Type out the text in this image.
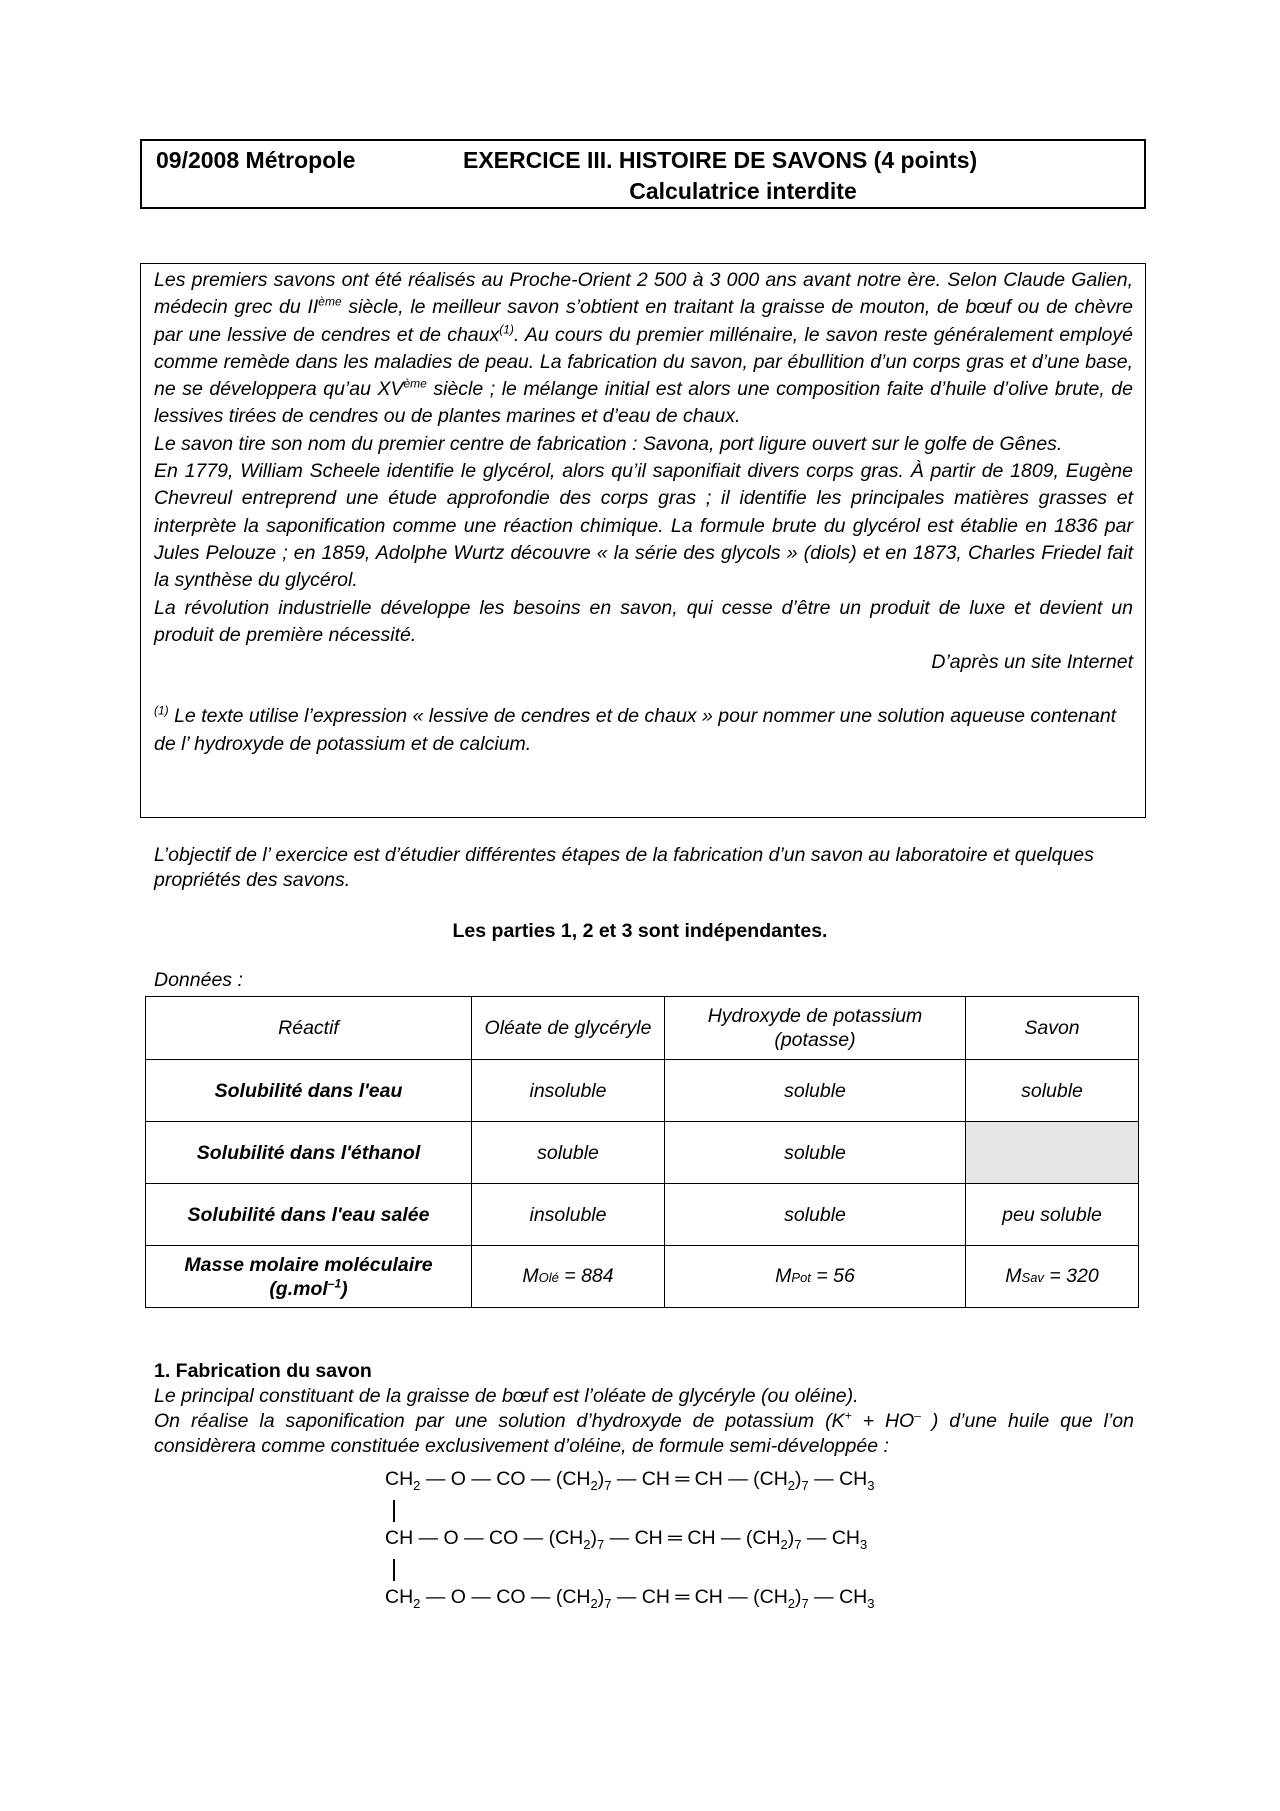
09/2008 Métropole	EXERCICE III. HISTOIRE DE SAVONS (4 points)
Calculatrice interdite

Les premiers savons ont été réalisés au Proche-Orient 2 500 à 3 000 ans avant notre ère. Selon Claude Galien, médecin grec du IIème siècle, le meilleur savon s’obtient en traitant la graisse de mouton, de bœuf ou de chèvre par une lessive de cendres et de chaux$^{(1)}$. Au cours du premier millénaire, le savon reste généralement employé comme remède dans les maladies de peau. La fabrication du savon, par ébullition d’un corps gras et d’une base, ne se développera qu’au XVème siècle ; le mélange initial est alors une composition faite d’huile d’olive brute, de lessives tirées de cendres ou de plantes marines et d’eau de chaux.

Le savon tire son nom du premier centre de fabrication : Savona, port ligure ouvert sur le golfe de Gênes.

En 1779, William Scheele identifie le glycérol, alors qu’il saponifiait divers corps gras. À partir de 1809, Eugène Chevreul entreprend une étude approfondie des corps gras ; il identifie les principales matières grasses et interprète la saponification comme une réaction chimique. La formule brute du glycérol est établie en 1836 par Jules Pelouze ; en 1859, Adolphe Wurtz découvre « la série des glycols » (diols) et en 1873, Charles Friedel fait la synthèse du glycérol.

La révolution industrielle développe les besoins en savon, qui cesse d’être un produit de luxe et devient un produit de première nécessité.

D’après un site Internet

$^{(1)}$ Le texte utilise l’expression « lessive de cendres et de chaux » pour nommer une solution aqueuse contenant de l’ hydroxyde de potassium et de calcium.

L’objectif de l’ exercice est d’étudier différentes étapes de la fabrication d’un savon au laboratoire et quelques propriétés des savons.
Les parties 1, 2 et 3 sont indépendantes.
Données :
Réactif	Oléate de glycéryle	Hydroxyde de potassium (potasse)	Savon
Solubilité dans l'eau	insoluble	soluble	soluble
Solubilité dans l'éthanol	soluble	soluble	
Solubilité dans l'eau salée	insoluble	soluble	peu soluble
Masse molaire moléculaire
(g.mol$^{-1}$)	MOlé = 884	MPot = 56	MSav = 320
1. Fabrication du savon

Le principal constituant de la graisse de bœuf est l’oléate de glycéryle (ou oléine).

On réalise la saponification par une solution d’hydroxyde de potassium (K+ + HO– ) d’une huile que l’on considèrera comme constituée exclusivement d’oléine, de formule semi-développée :

$CH_2$ — O — CO — $(CH_2)_7$ — CH ═ CH — $(CH_2)_7$ — $CH_3$
CH — O — CO — $(CH_2)_7$ — CH ═ CH — $(CH_2)_7$ — $CH_3$
$CH_2$ — O — CO — $(CH_2)_7$ — CH ═ CH — $(CH_2)_7$ — $CH_3$
